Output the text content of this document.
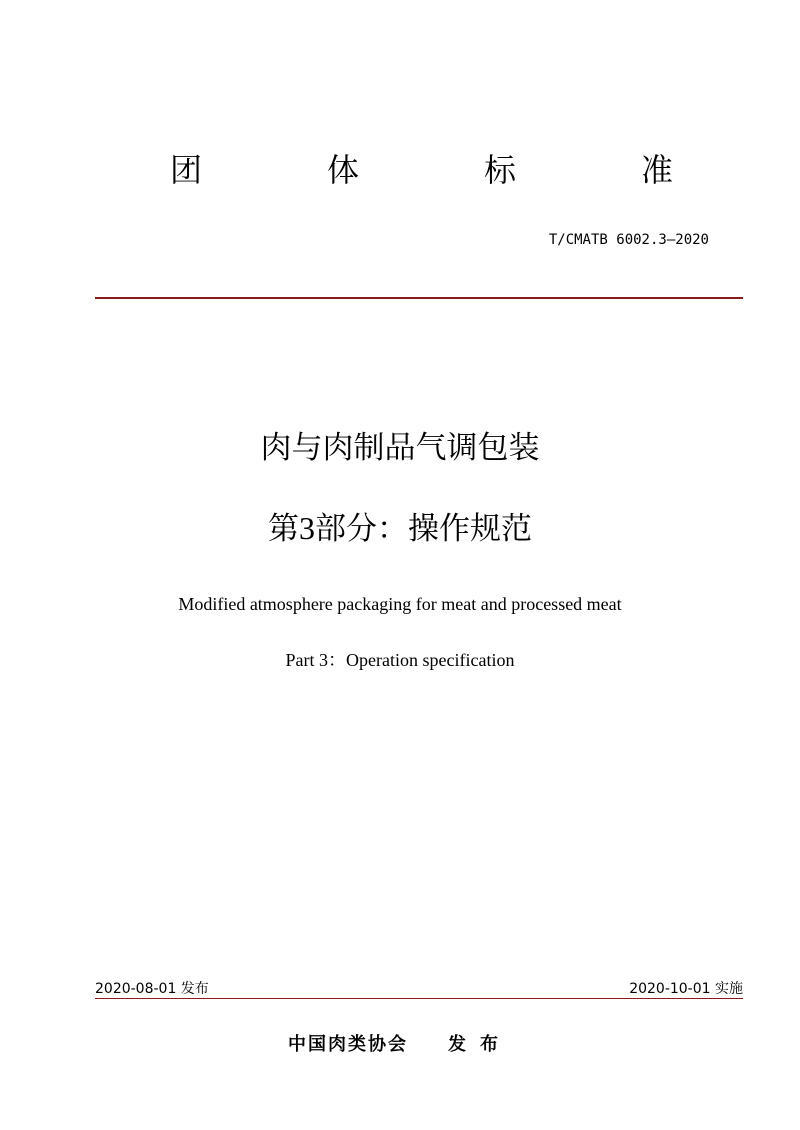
团	体	标	准
T/CMATB 6002.3—2020
肉与肉制品气调包装
第3部分：操作规范
Modified atmosphere packaging for meat and processed meat
Part 3：Operation specification
2020-08-01 发布	2020-10-01 实施
中国肉类协会 发布
